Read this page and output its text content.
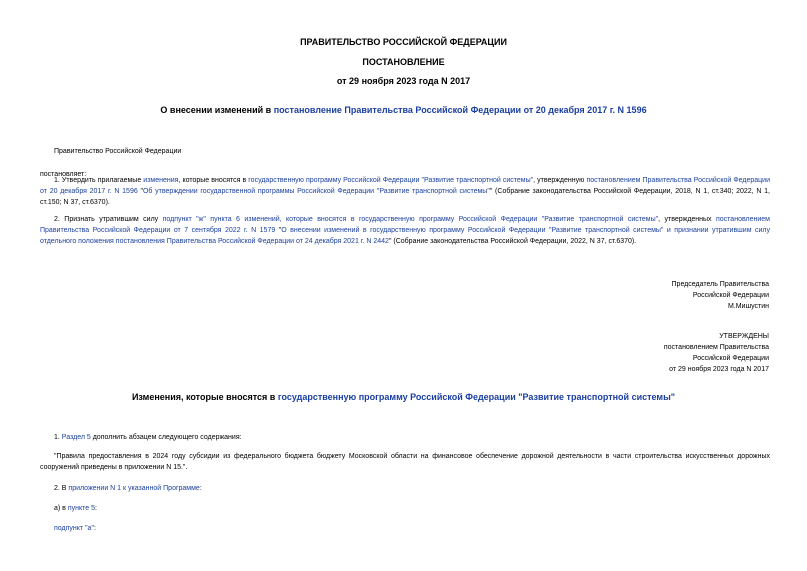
ПРАВИТЕЛЬСТВО РОССИЙСКОЙ ФЕДЕРАЦИИ
ПОСТАНОВЛЕНИЕ
от 29 ноября 2023 года N 2017
О внесении изменений в постановление Правительства Российской Федерации от 20 декабря 2017 г. N 1596
Правительство Российской Федерации
постановляет:
1. Утвердить прилагаемые изменения, которые вносятся в государственную программу Российской Федерации "Развитие транспортной системы", утвержденную постановлением Правительства Российской Федерации от 20 декабря 2017 г. N 1596 "Об утверждении государственной программы Российской Федерации "Развитие транспортной системы"" (Собрание законодательства Российской Федерации, 2018, N 1, ст.340; 2022, N 1, ст.150; N 37, ст.6370).
2. Признать утратившим силу подпункт "ж" пункта 6 изменений, которые вносятся в государственную программу Российской Федерации "Развитие транспортной системы", утвержденных постановлением Правительства Российской Федерации от 7 сентября 2022 г. N 1579 "О внесении изменений в государственную программу Российской Федерации "Развитие транспортной системы" и признании утратившим силу отдельного положения постановления Правительства Российской Федерации от 24 декабря 2021 г. N 2442" (Собрание законодательства Российской Федерации, 2022, N 37, ст.6370).
Председатель Правительства
Российской Федерации
М.Мишустин
УТВЕРЖДЕНЫ
постановлением Правительства
Российской Федерации
от 29 ноября 2023 года N 2017
Изменения, которые вносятся в государственную программу Российской Федерации "Развитие транспортной системы"
1. Раздел 5 дополнить абзацем следующего содержания:
"Правила предоставления в 2024 году субсидии из федерального бюджета бюджету Московской области на финансовое обеспечение дорожной деятельности в части строительства искусственных дорожных сооружений приведены в приложении N 15.".
2. В приложении N 1 к указанной Программе:
а) в пункте 5:
подпункт "а":
